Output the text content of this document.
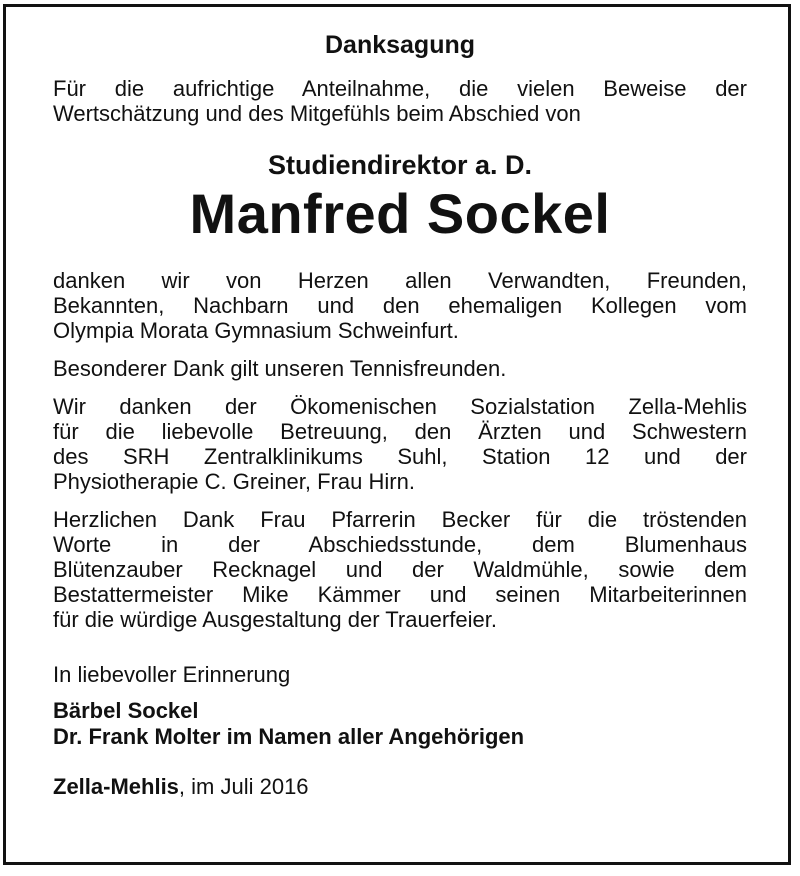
Danksagung

Für die aufrichtige Anteilnahme, die vielen Beweise der
Wertschätzung und des Mitgefühls beim Abschied von

Studiendirektor a. D.
Manfred Sockel

danken wir von Herzen allen Verwandten, Freunden,
Bekannten, Nachbarn und den ehemaligen Kollegen vom
Olympia Morata Gymnasium Schweinfurt.

Besonderer Dank gilt unseren Tennisfreunden.

Wir danken der Ökomenischen Sozialstation Zella-Mehlis
für die liebevolle Betreuung, den Ärzten und Schwestern
des SRH Zentralklinikums Suhl, Station 12 und der
Physiotherapie C. Greiner, Frau Hirn.

Herzlichen Dank Frau Pfarrerin Becker für die tröstenden
Worte in der Abschiedsstunde, dem Blumenhaus
Blütenzauber Recknagel und der Waldmühle, sowie dem
Bestattermeister Mike Kämmer und seinen Mitarbeiterinnen
für die würdige Ausgestaltung der Trauerfeier.

In liebevoller Erinnerung
Bärbel Sockel
Dr. Frank Molter im Namen aller Angehörigen
Zella-Mehlis, im Juli 2016
